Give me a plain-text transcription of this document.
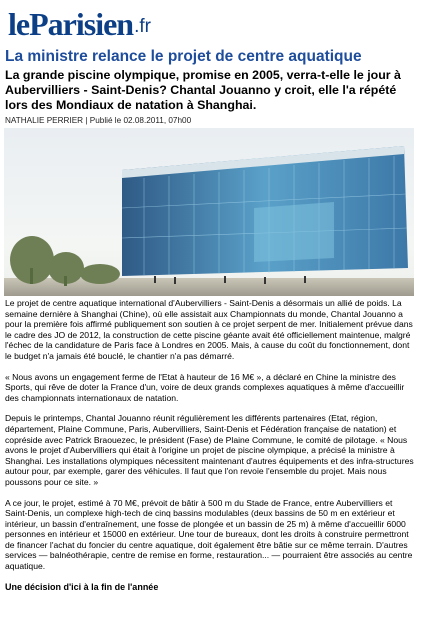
le Parisien .fr
La ministre relance le projet de centre aquatique
La grande piscine olympique, promise en 2005, verra-t-elle le jour à Aubervilliers - Saint-Denis? Chantal Jouanno y croit, elle l'a répété lors des Mondiaux de natation à Shanghai.
NATHALIE PERRIER | Publié le 02.08.2011, 07h00

Le projet de centre aquatique international d'Aubervilliers - Saint-Denis a désormais un allié de poids. La semaine dernière à Shanghai (Chine), où elle assistait aux Championnats du monde, Chantal Jouanno a pour la première fois affirmé publiquement son soutien à ce projet serpent de mer. Initialement prévue dans le cadre des JO de 2012, la construction de cette piscine géante avait été officiellement maintenue, malgré l'échec de la candidature de Paris face à Londres en 2005. Mais, à cause du coût du fonctionnement, dont le budget n'a jamais été bouclé, le chantier n'a pas démarré.

« Nous avons un engagement ferme de l'Etat à hauteur de 16 M€ », a déclaré en Chine la ministre des Sports, qui rêve de doter la France d'un, voire de deux grands complexes aquatiques à même d'accueillir des championnats internationaux de natation.

Depuis le printemps, Chantal Jouanno réunit régulièrement les différents partenaires (Etat, région, département, Plaine Commune, Paris, Aubervilliers, Saint-Denis et Fédération française de natation) et copréside avec Patrick Braouezec, le président (Fase) de Plaine Commune, le comité de pilotage. « Nous avons le projet d'Aubervilliers qui était à l'origine un projet de piscine olympique, a précisé la ministre à Shanghai. Les installations olympiques nécessitent maintenant d'autres équipements et des infra-structures autour pour, par exemple, garer des véhicules. Il faut que l'on revoie l'ensemble du projet. Mais nous poussons pour ce site. »

A ce jour, le projet, estimé à 70 M€, prévoit de bâtir à 500 m du Stade de France, entre Aubervilliers et Saint-Denis, un complexe high-tech de cinq bassins modulables (deux bassins de 50 m en extérieur et intérieur, un bassin d'entraînement, une fosse de plongée et un bassin de 25 m) à même d'accueillir 6000 personnes en intérieur et 15000 en extérieur. Une tour de bureaux, dont les droits à construire permettront de financer l'achat du foncier du centre aquatique, doit également être bâtie sur ce même terrain. D'autres services — balnéothérapie, centre de remise en forme, restauration... — pourraient être associés au centre aquatique.

Une décision d'ici à la fin de l'année
